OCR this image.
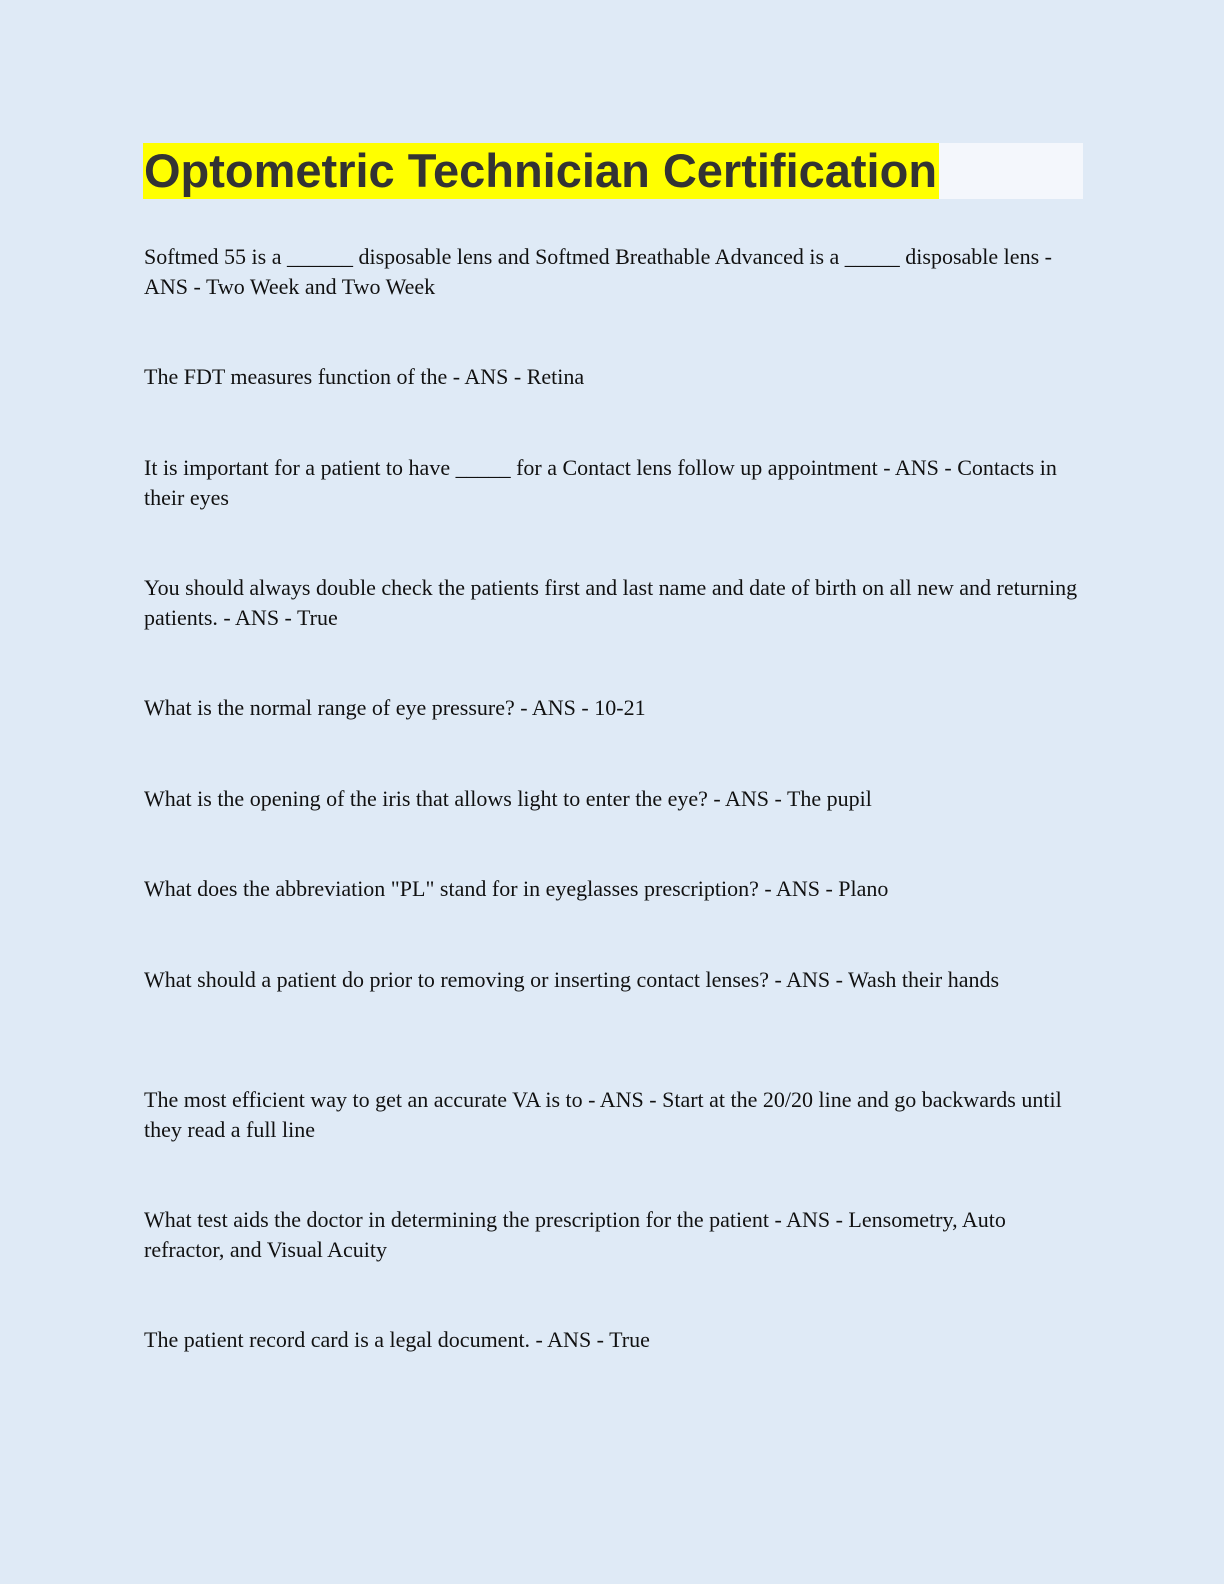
Optometric Technician Certification
Softmed 55 is a ______ disposable lens and Softmed Breathable Advanced is a _____ disposable lens - ANS - Two Week and Two Week
The FDT measures function of the - ANS - Retina
It is important for a patient to have _____ for a Contact lens follow up appointment - ANS - Contacts in their eyes
You should always double check the patients first and last name and date of birth on all new and returning patients. - ANS - True
What is the normal range of eye pressure? - ANS - 10-21
What is the opening of the iris that allows light to enter the eye? - ANS - The pupil
What does the abbreviation "PL" stand for in eyeglasses prescription? - ANS - Plano
What should a patient do prior to removing or inserting contact lenses? - ANS - Wash their hands
The most efficient way to get an accurate VA is to - ANS - Start at the 20/20 line and go backwards until they read a full line
What test aids the doctor in determining the prescription for the patient - ANS - Lensometry, Auto refractor, and Visual Acuity
The patient record card is a legal document. - ANS - True
